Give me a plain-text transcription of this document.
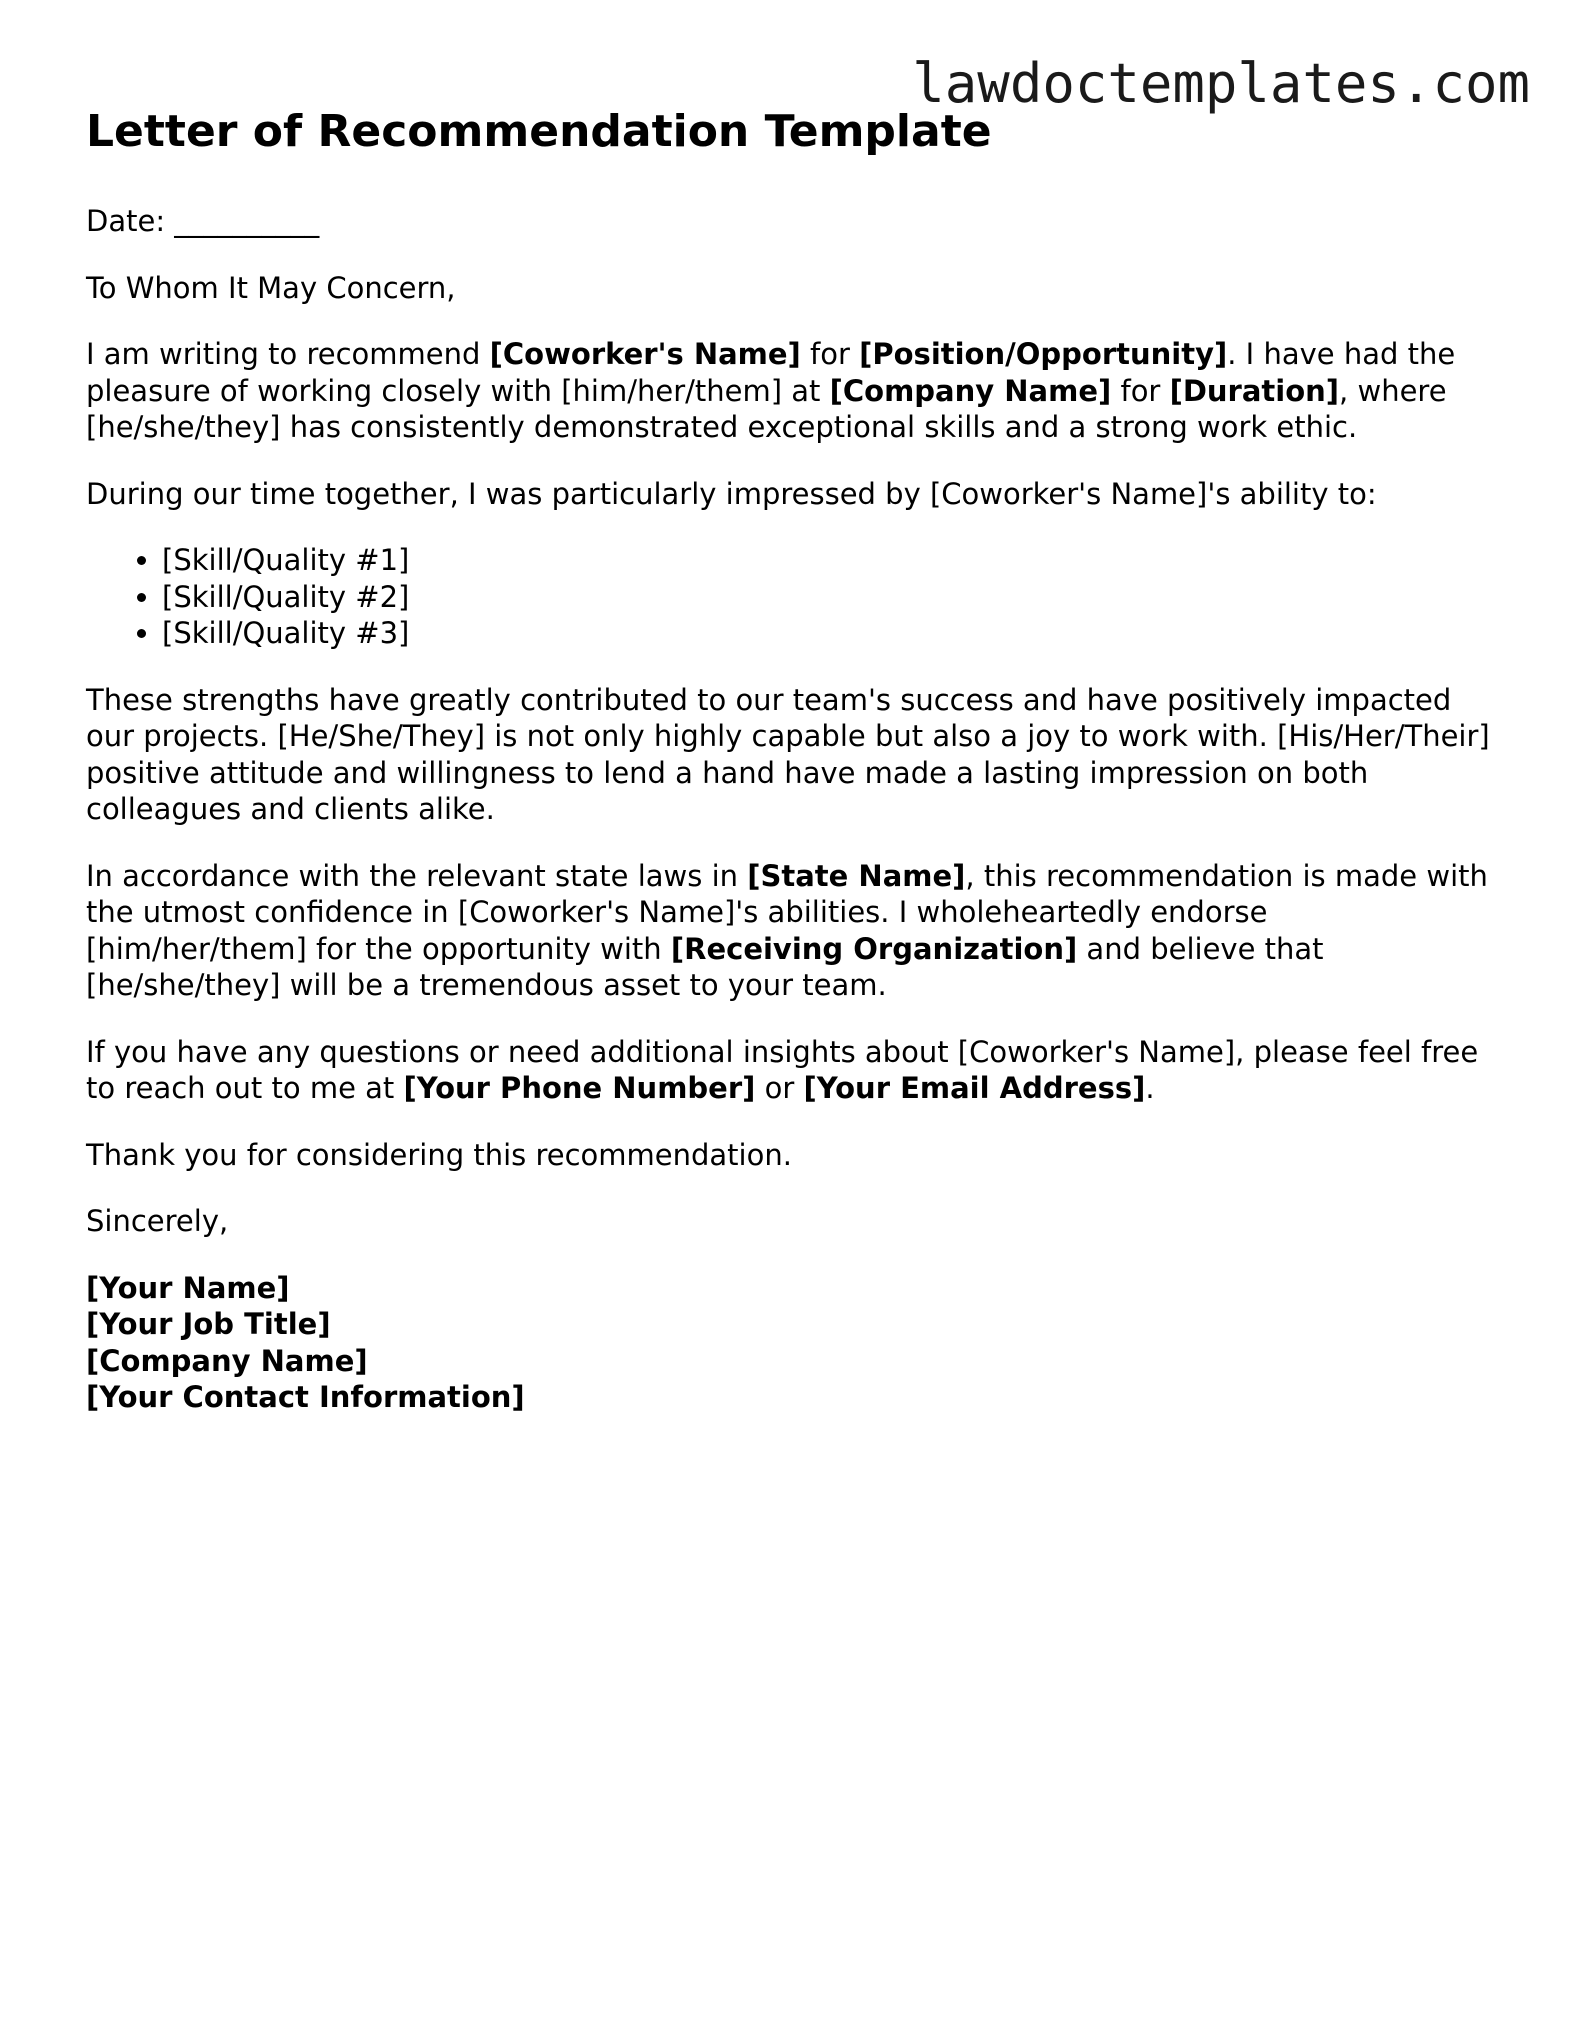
lawdoctemplates.com
Letter of Recommendation Template

Date: __________

To Whom It May Concern,

I am writing to recommend [Coworker's Name] for [Position/Opportunity]. I have had the pleasure of working closely with [him/her/them] at [Company Name] for [Duration], where [he/she/they] has consistently demonstrated exceptional skills and a strong work ethic.

During our time together, I was particularly impressed by [Coworker's Name]'s ability to:

• [Skill/Quality #1]
• [Skill/Quality #2]
• [Skill/Quality #3]

These strengths have greatly contributed to our team's success and have positively impacted our projects. [He/She/They] is not only highly capable but also a joy to work with. [His/Her/Their] positive attitude and willingness to lend a hand have made a lasting impression on both colleagues and clients alike.

In accordance with the relevant state laws in [State Name], this recommendation is made with the utmost confidence in [Coworker's Name]'s abilities. I wholeheartedly endorse [him/her/them] for the opportunity with [Receiving Organization] and believe that [he/she/they] will be a tremendous asset to your team.

If you have any questions or need additional insights about [Coworker's Name], please feel free to reach out to me at [Your Phone Number] or [Your Email Address].

Thank you for considering this recommendation.

Sincerely,

[Your Name]
[Your Job Title]
[Company Name]
[Your Contact Information]
